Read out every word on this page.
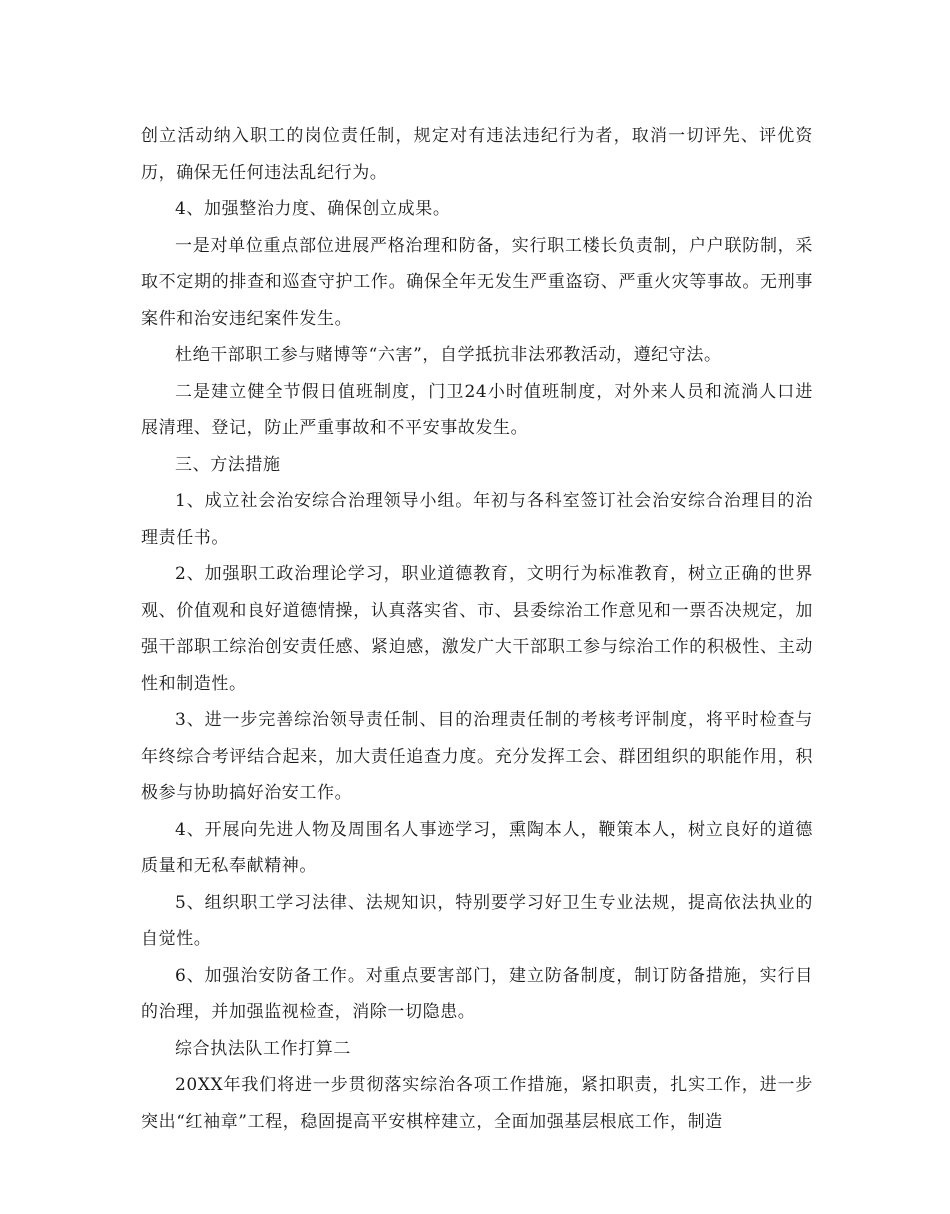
创立活动纳入职工的岗位责任制，规定对有违法违纪行为者，取消一切评先、评优资历，确保无任何违法乱纪行为。

4、加强整治力度、确保创立成果。

一是对单位重点部位进展严格治理和防备，实行职工楼长负责制，户户联防制，采取不定期的排查和巡查守护工作。确保全年无发生严重盗窃、严重火灾等事故。无刑事案件和治安违纪案件发生。

杜绝干部职工参与赌博等“六害”，自学抵抗非法邪教活动，遵纪守法。

二是建立健全节假日值班制度，门卫24小时值班制度，对外来人员和流淌人口进展清理、登记，防止严重事故和不平安事故发生。

三、方法措施

1、成立社会治安综合治理领导小组。年初与各科室签订社会治安综合治理目的治理责任书。

2、加强职工政治理论学习，职业道德教育，文明行为标准教育，树立正确的世界观、价值观和良好道德情操，认真落实省、市、县委综治工作意见和一票否决规定，加强干部职工综治创安责任感、紧迫感，激发广大干部职工参与综治工作的积极性、主动性和制造性。

3、进一步完善综治领导责任制、目的治理责任制的考核考评制度，将平时检查与年终综合考评结合起来，加大责任追查力度。充分发挥工会、群团组织的职能作用，积极参与协助搞好治安工作。

4、开展向先进人物及周围名人事迹学习，熏陶本人，鞭策本人，树立良好的道德质量和无私奉献精神。

5、组织职工学习法律、法规知识，特别要学习好卫生专业法规，提高依法执业的自觉性。

6、加强治安防备工作。对重点要害部门，建立防备制度，制订防备措施，实行目的治理，并加强监视检查，消除一切隐患。

综合执法队工作打算二

20XX年我们将进一步贯彻落实综治各项工作措施，紧扣职责，扎实工作，进一步突出“红袖章”工程，稳固提高平安棋梓建立，全面加强基层根底工作，制造
